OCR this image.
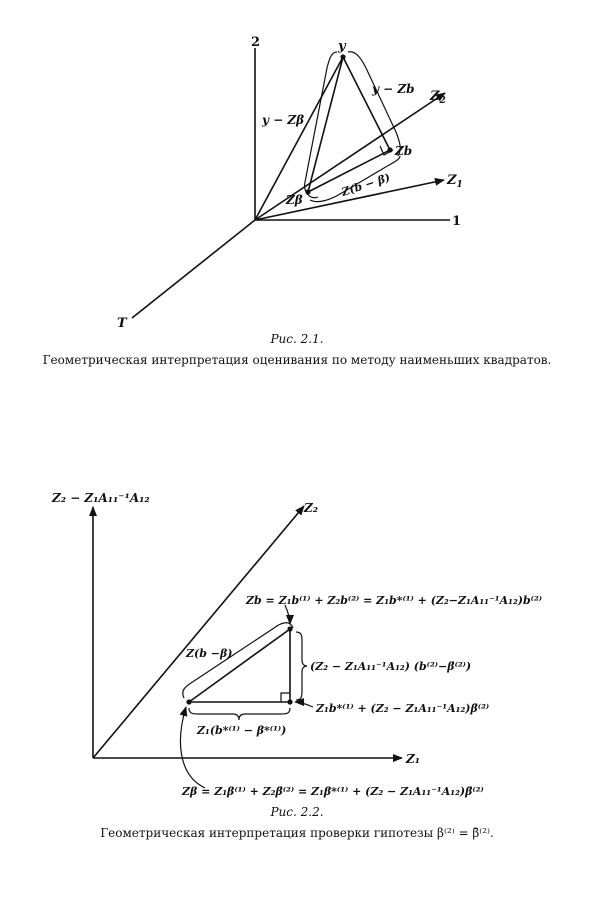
2
1
T
y
y − Zb
y − Zβ
Zb
Zβ
Z(b − β)
$Z_2$
$Z_1$
Рис. 2.1.
Геометрическая интерпретация оценивания по методу наименьших квадратов.
Z₂ − Z₁A₁₁⁻¹A₁₂
Z₂
Z₁
Zb = Z₁b⁽¹⁾ + Z₂b⁽²⁾ = Z₁b*⁽¹⁾ + (Z₂−Z₁A₁₁⁻¹A₁₂)b⁽²⁾
Z(b −β)
(Z₂ − Z₁A₁₁⁻¹A₁₂) (b⁽²⁾−β̄⁽²⁾)
Z₁b*⁽¹⁾ + (Z₂ − Z₁A₁₁⁻¹A₁₂)β̄⁽²⁾
Z₁(b*⁽¹⁾ − β*⁽¹⁾)
Zβ = Z₁β⁽¹⁾ + Z₂β̄⁽²⁾ = Z₁β*⁽¹⁾ + (Z₂ − Z₁A₁₁⁻¹A₁₂)β̄⁽²⁾
Рис. 2.2.
Геометрическая интерпретация проверки гипотезы β⁽²⁾ = β̄⁽²⁾.
